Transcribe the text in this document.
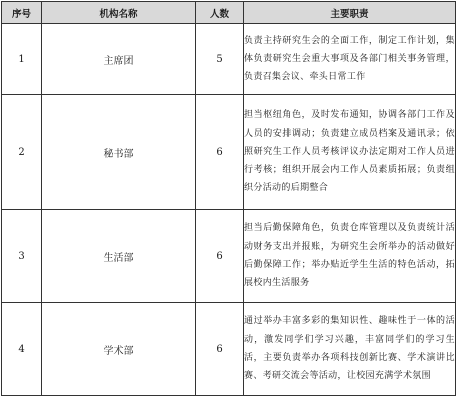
序号	机构名称	人数	主要职责
1	主席团	5	负责主持研究生会的全面工作，制定工作计划，集体负责研究生会重大事项及各部门相关事务管理，负责召集会议、牵头日常工作
2	秘书部	6	担当枢纽角色，及时发布通知，协调各部门工作及人员的安排调动；负责建立成员档案及通讯录；依照研究生工作人员考核评议办法定期对工作人员进行考核；组织开展会内工作人员素质拓展；负责组织分活动的后期整合
3	生活部	6	担当后勤保障角色，负责仓库管理以及负责统计活动财务支出并报账，为研究生会所举办的活动做好后勤保障工作；举办贴近学生生活的特色活动，拓展校内生活服务
4	学术部	6	通过举办丰富多彩的集知识性、趣味性于一体的活动，激发同学们学习兴趣，丰富同学们的学习生活，主要负责举办各项科技创新比赛、学术演讲比赛、考研交流会等活动，让校园充满学术氛围
